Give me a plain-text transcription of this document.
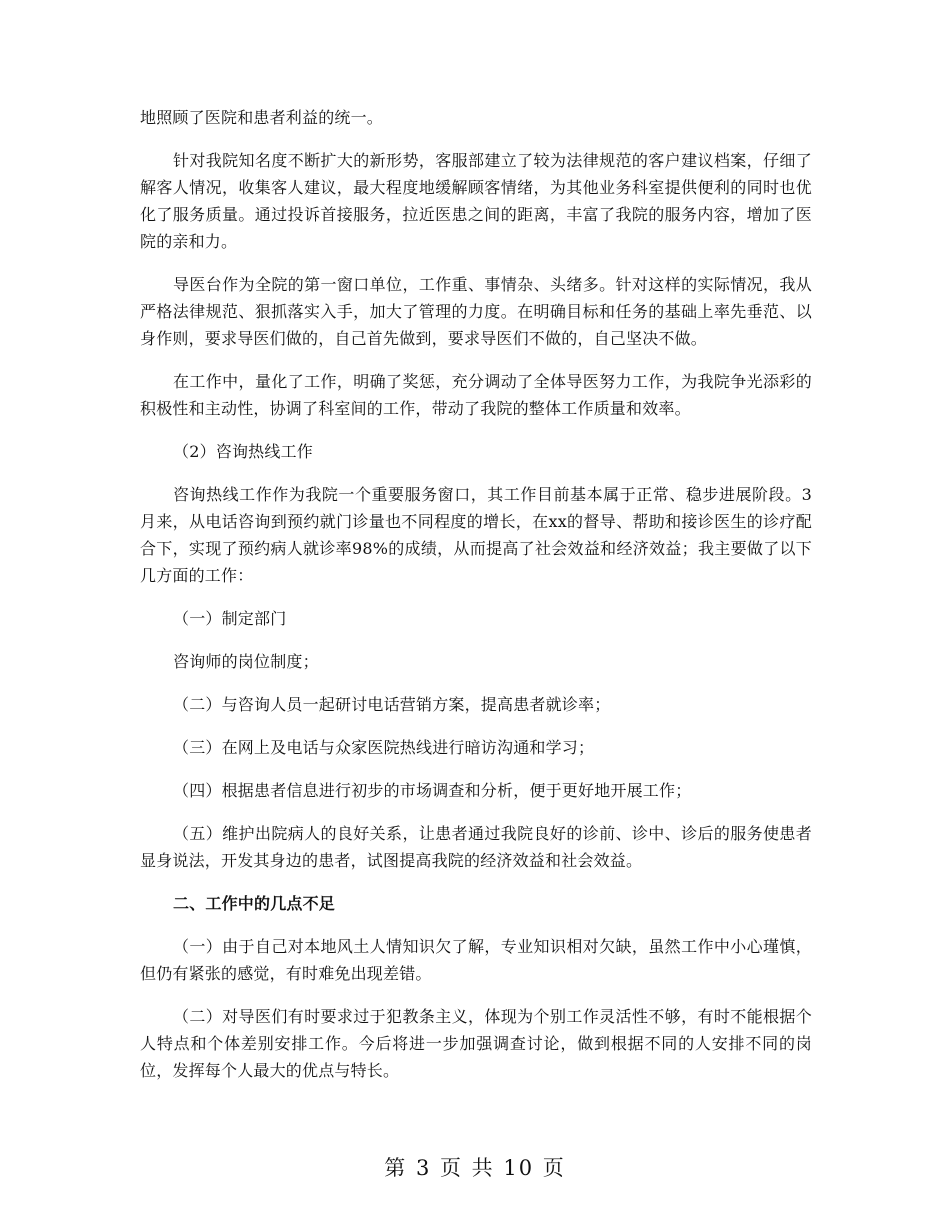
地照顾了医院和患者利益的统一。

针对我院知名度不断扩大的新形势，客服部建立了较为法律规范的客户建议档案，仔细了解客人情况，收集客人建议，最大程度地缓解顾客情绪，为其他业务科室提供便利的同时也优化了服务质量。通过投诉首接服务，拉近医患之间的距离，丰富了我院的服务内容，增加了医院的亲和力。

导医台作为全院的第一窗口单位，工作重、事情杂、头绪多。针对这样的实际情况，我从严格法律规范、狠抓落实入手，加大了管理的力度。在明确目标和任务的基础上率先垂范、以身作则，要求导医们做的，自己首先做到，要求导医们不做的，自己坚决不做。

在工作中，量化了工作，明确了奖惩，充分调动了全体导医努力工作，为我院争光添彩的积极性和主动性，协调了科室间的工作，带动了我院的整体工作质量和效率。

（2）咨询热线工作

咨询热线工作作为我院一个重要服务窗口，其工作目前基本属于正常、稳步进展阶段。3月来，从电话咨询到预约就门诊量也不同程度的增长，在xx的督导、帮助和接诊医生的诊疗配合下，实现了预约病人就诊率98%的成绩，从而提高了社会效益和经济效益；我主要做了以下几方面的工作：

（一）制定部门

咨询师的岗位制度；

（二）与咨询人员一起研讨电话营销方案，提高患者就诊率；

（三）在网上及电话与众家医院热线进行暗访沟通和学习；

（四）根据患者信息进行初步的市场调查和分析，便于更好地开展工作；

（五）维护出院病人的良好关系，让患者通过我院良好的诊前、诊中、诊后的服务使患者显身说法，开发其身边的患者，试图提高我院的经济效益和社会效益。

二、工作中的几点不足

（一）由于自己对本地风土人情知识欠了解，专业知识相对欠缺，虽然工作中小心瑾慎，但仍有紧张的感觉，有时难免出现差错。

（二）对导医们有时要求过于犯教条主义，体现为个别工作灵活性不够，有时不能根据个人特点和个体差别安排工作。今后将进一步加强调查讨论，做到根据不同的人安排不同的岗位，发挥每个人最大的优点与特长。

第 3 页 共 10 页
